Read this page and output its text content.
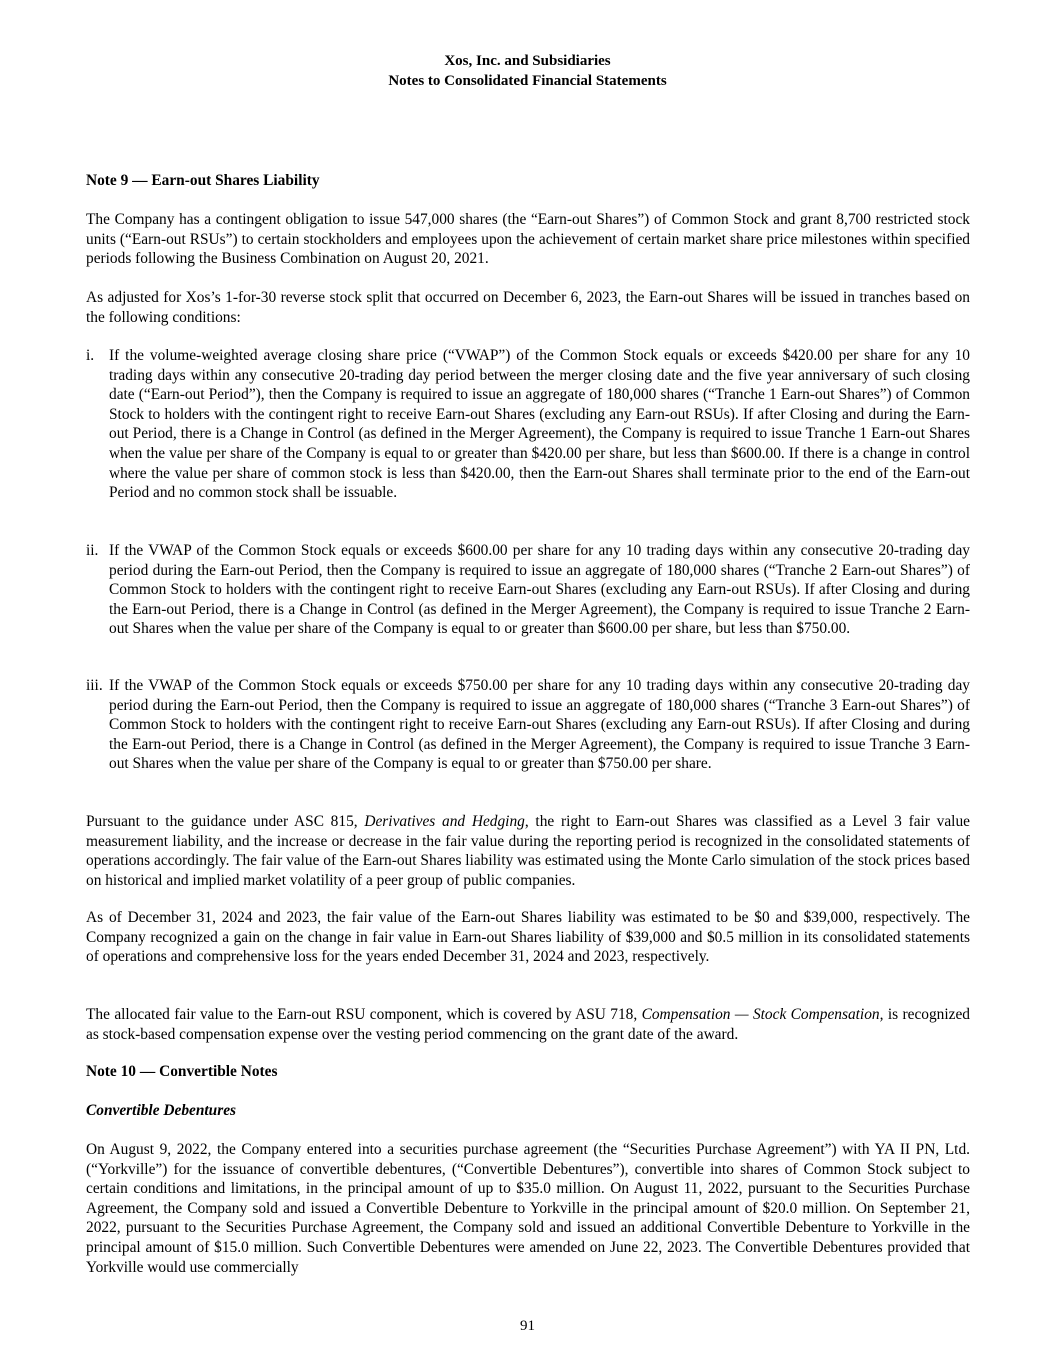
Xos, Inc. and Subsidiaries
Notes to Consolidated Financial Statements
Note 9 — Earn-out Shares Liability

The Company has a contingent obligation to issue 547,000 shares (the “Earn-out Shares”) of Common Stock and grant 8,700 restricted stock units (“Earn-out RSUs”) to certain stockholders and employees upon the achievement of certain market share price milestones within specified periods following the Business Combination on August 20, 2021.

As adjusted for Xos’s 1-for-30 reverse stock split that occurred on December 6, 2023, the Earn-out Shares will be issued in tranches based on the following conditions:

i. If the volume-weighted average closing share price (“VWAP”) of the Common Stock equals or exceeds $420.00 per share for any 10 trading days within any consecutive 20-trading day period between the merger closing date and the five year anniversary of such closing date (“Earn-out Period”), then the Company is required to issue an aggregate of 180,000 shares (“Tranche 1 Earn-out Shares”) of Common Stock to holders with the contingent right to receive Earn-out Shares (excluding any Earn-out RSUs). If after Closing and during the Earn-out Period, there is a Change in Control (as defined in the Merger Agreement), the Company is required to issue Tranche 1 Earn-out Shares when the value per share of the Company is equal to or greater than $420.00 per share, but less than $600.00. If there is a change in control where the value per share of common stock is less than $420.00, then the Earn-out Shares shall terminate prior to the end of the Earn-out Period and no common stock shall be issuable.

ii. If the VWAP of the Common Stock equals or exceeds $600.00 per share for any 10 trading days within any consecutive 20-trading day period during the Earn-out Period, then the Company is required to issue an aggregate of 180,000 shares (“Tranche 2 Earn-out Shares”) of Common Stock to holders with the contingent right to receive Earn-out Shares (excluding any Earn-out RSUs). If after Closing and during the Earn-out Period, there is a Change in Control (as defined in the Merger Agreement), the Company is required to issue Tranche 2 Earn-out Shares when the value per share of the Company is equal to or greater than $600.00 per share, but less than $750.00.

iii. If the VWAP of the Common Stock equals or exceeds $750.00 per share for any 10 trading days within any consecutive 20-trading day period during the Earn-out Period, then the Company is required to issue an aggregate of 180,000 shares (“Tranche 3 Earn-out Shares”) of Common Stock to holders with the contingent right to receive Earn-out Shares (excluding any Earn-out RSUs). If after Closing and during the Earn-out Period, there is a Change in Control (as defined in the Merger Agreement), the Company is required to issue Tranche 3 Earn-out Shares when the value per share of the Company is equal to or greater than $750.00 per share.

Pursuant to the guidance under ASC 815, Derivatives and Hedging, the right to Earn-out Shares was classified as a Level 3 fair value measurement liability, and the increase or decrease in the fair value during the reporting period is recognized in the consolidated statements of operations accordingly. The fair value of the Earn-out Shares liability was estimated using the Monte Carlo simulation of the stock prices based on historical and implied market volatility of a peer group of public companies.

As of December 31, 2024 and 2023, the fair value of the Earn-out Shares liability was estimated to be $0 and $39,000, respectively. The Company recognized a gain on the change in fair value in Earn-out Shares liability of $39,000 and $0.5 million in its consolidated statements of operations and comprehensive loss for the years ended December 31, 2024 and 2023, respectively.

The allocated fair value to the Earn-out RSU component, which is covered by ASU 718, Compensation — Stock Compensation, is recognized as stock-based compensation expense over the vesting period commencing on the grant date of the award.

Note 10 — Convertible Notes
Convertible Debentures

On August 9, 2022, the Company entered into a securities purchase agreement (the “Securities Purchase Agreement”) with YA II PN, Ltd. (“Yorkville”) for the issuance of convertible debentures, (“Convertible Debentures”), convertible into shares of Common Stock subject to certain conditions and limitations, in the principal amount of up to $35.0 million. On August 11, 2022, pursuant to the Securities Purchase Agreement, the Company sold and issued a Convertible Debenture to Yorkville in the principal amount of $20.0 million. On September 21, 2022, pursuant to the Securities Purchase Agreement, the Company sold and issued an additional Convertible Debenture to Yorkville in the principal amount of $15.0 million. Such Convertible Debentures were amended on June 22, 2023. The Convertible Debentures provided that Yorkville would use commercially

91
